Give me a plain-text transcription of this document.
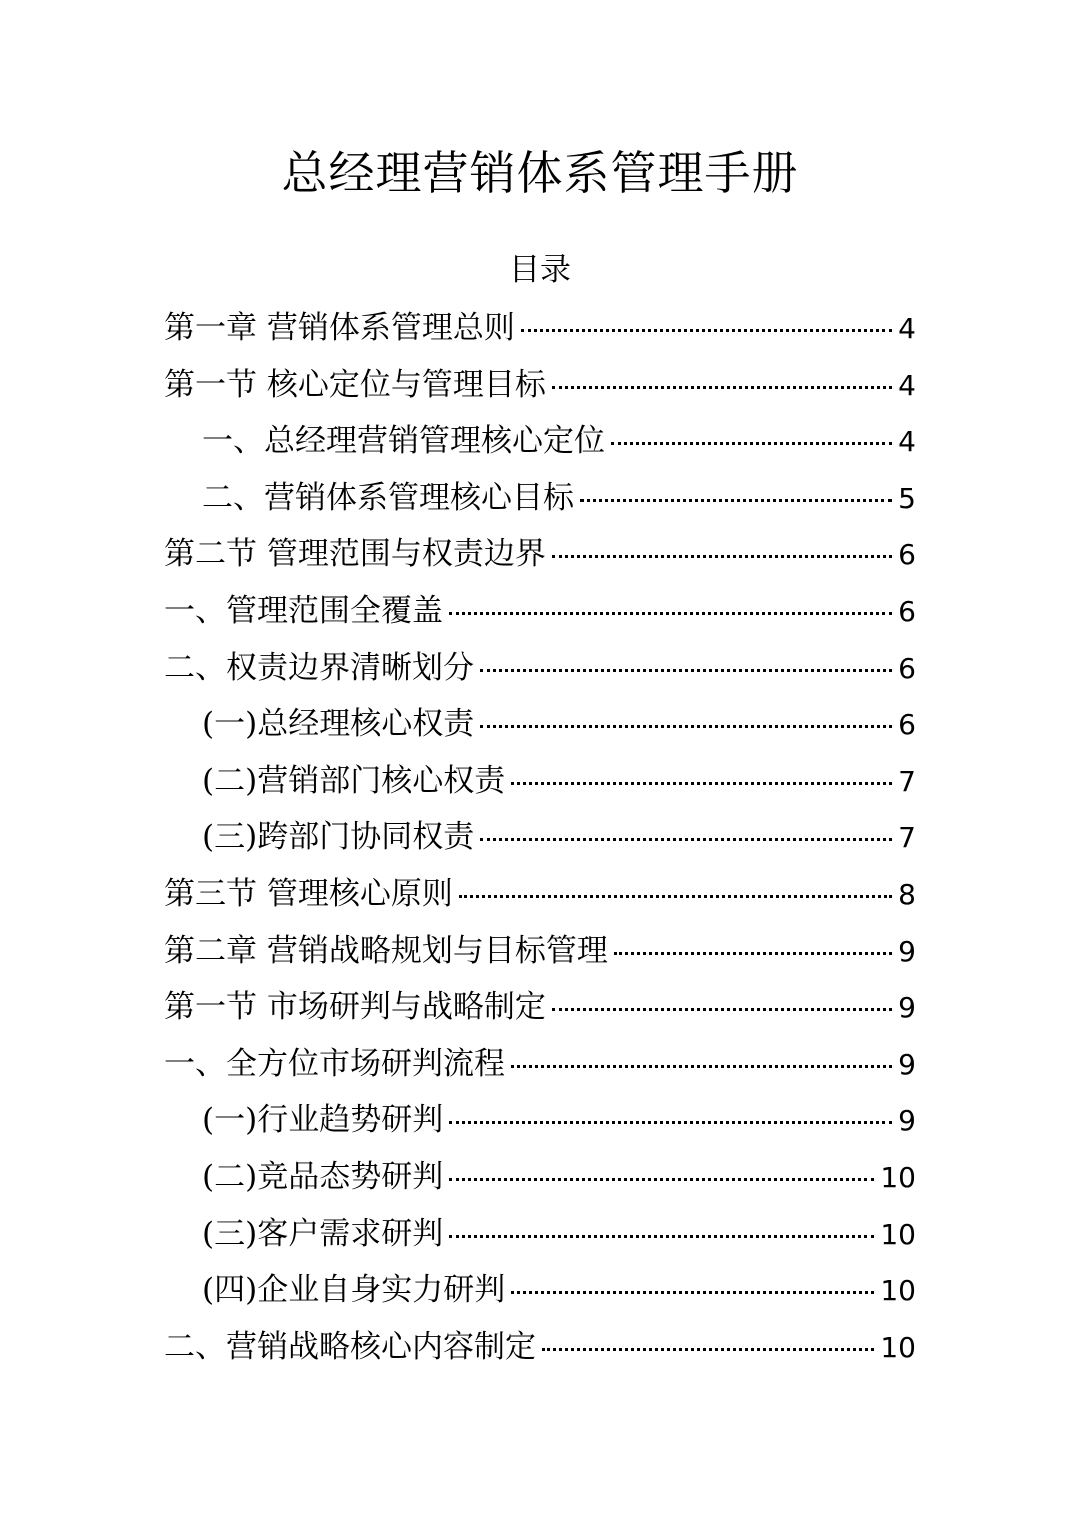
总经理营销体系管理手册
目录
第一章 营销体系管理总则	4
第一节 核心定位与管理目标	4
一、总经理营销管理核心定位	4
二、营销体系管理核心目标	5
第二节 管理范围与权责边界	6
一、管理范围全覆盖	6
二、权责边界清晰划分	6
(一)总经理核心权责	6
(二)营销部门核心权责	7
(三)跨部门协同权责	7
第三节 管理核心原则	8
第二章 营销战略规划与目标管理	9
第一节 市场研判与战略制定	9
一、全方位市场研判流程	9
(一)行业趋势研判	9
(二)竞品态势研判	10
(三)客户需求研判	10
(四)企业自身实力研判	10
二、营销战略核心内容制定	10
